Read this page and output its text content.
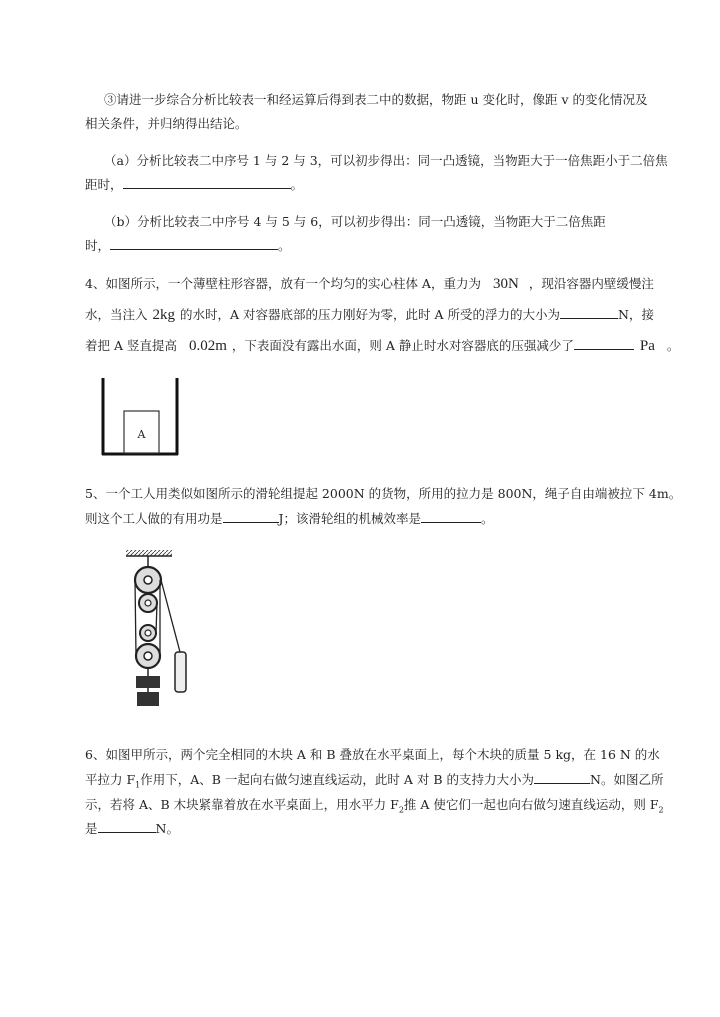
③请进一步综合分析比较表一和经运算后得到表二中的数据，物距 u 变化时，像距 v 的变化情况及
相关条件，并归纳得出结论。
（a）分析比较表二中序号 1 与 2 与 3，可以初步得出：同一凸透镜，当物距大于一倍焦距小于二倍焦
距时，	。
（b）分析比较表二中序号 4 与 5 与 6，可以初步得出：同一凸透镜，当物距大于二倍焦距
时，	。
4、如图所示，一个薄壁柱形容器，放有一个均匀的实心柱体 A，重力为 30N ，现沿容器内壁缓慢注
水，当注入 2kg 的水时，A 对容器底部的压力刚好为零，此时 A 所受的浮力的大小为	N，接
着把 A 竖直提高 0.02m ，下表面没有露出水面，则 A 静止时水对容器底的压强减少了	Pa 。
A
5、一个工人用类似如图所示的滑轮组提起 2000N 的货物，所用的拉力是 800N，绳子自由端被拉下 4m。
则这个工人做的有用功是	J；该滑轮组的机械效率是	。
6、如图甲所示，两个完全相同的木块 A 和 B 叠放在水平桌面上，每个木块的质量 5 kg，在 16 N 的水
平拉力 $F_1$作用下，A、B 一起向右做匀速直线运动，此时 A 对 B 的支持力大小为	N。如图乙所
示，若将 A、B 木块紧靠着放在水平桌面上，用水平力 $F_2$推 A 使它们一起也向右做匀速直线运动，则 $F_2$
是	N。
